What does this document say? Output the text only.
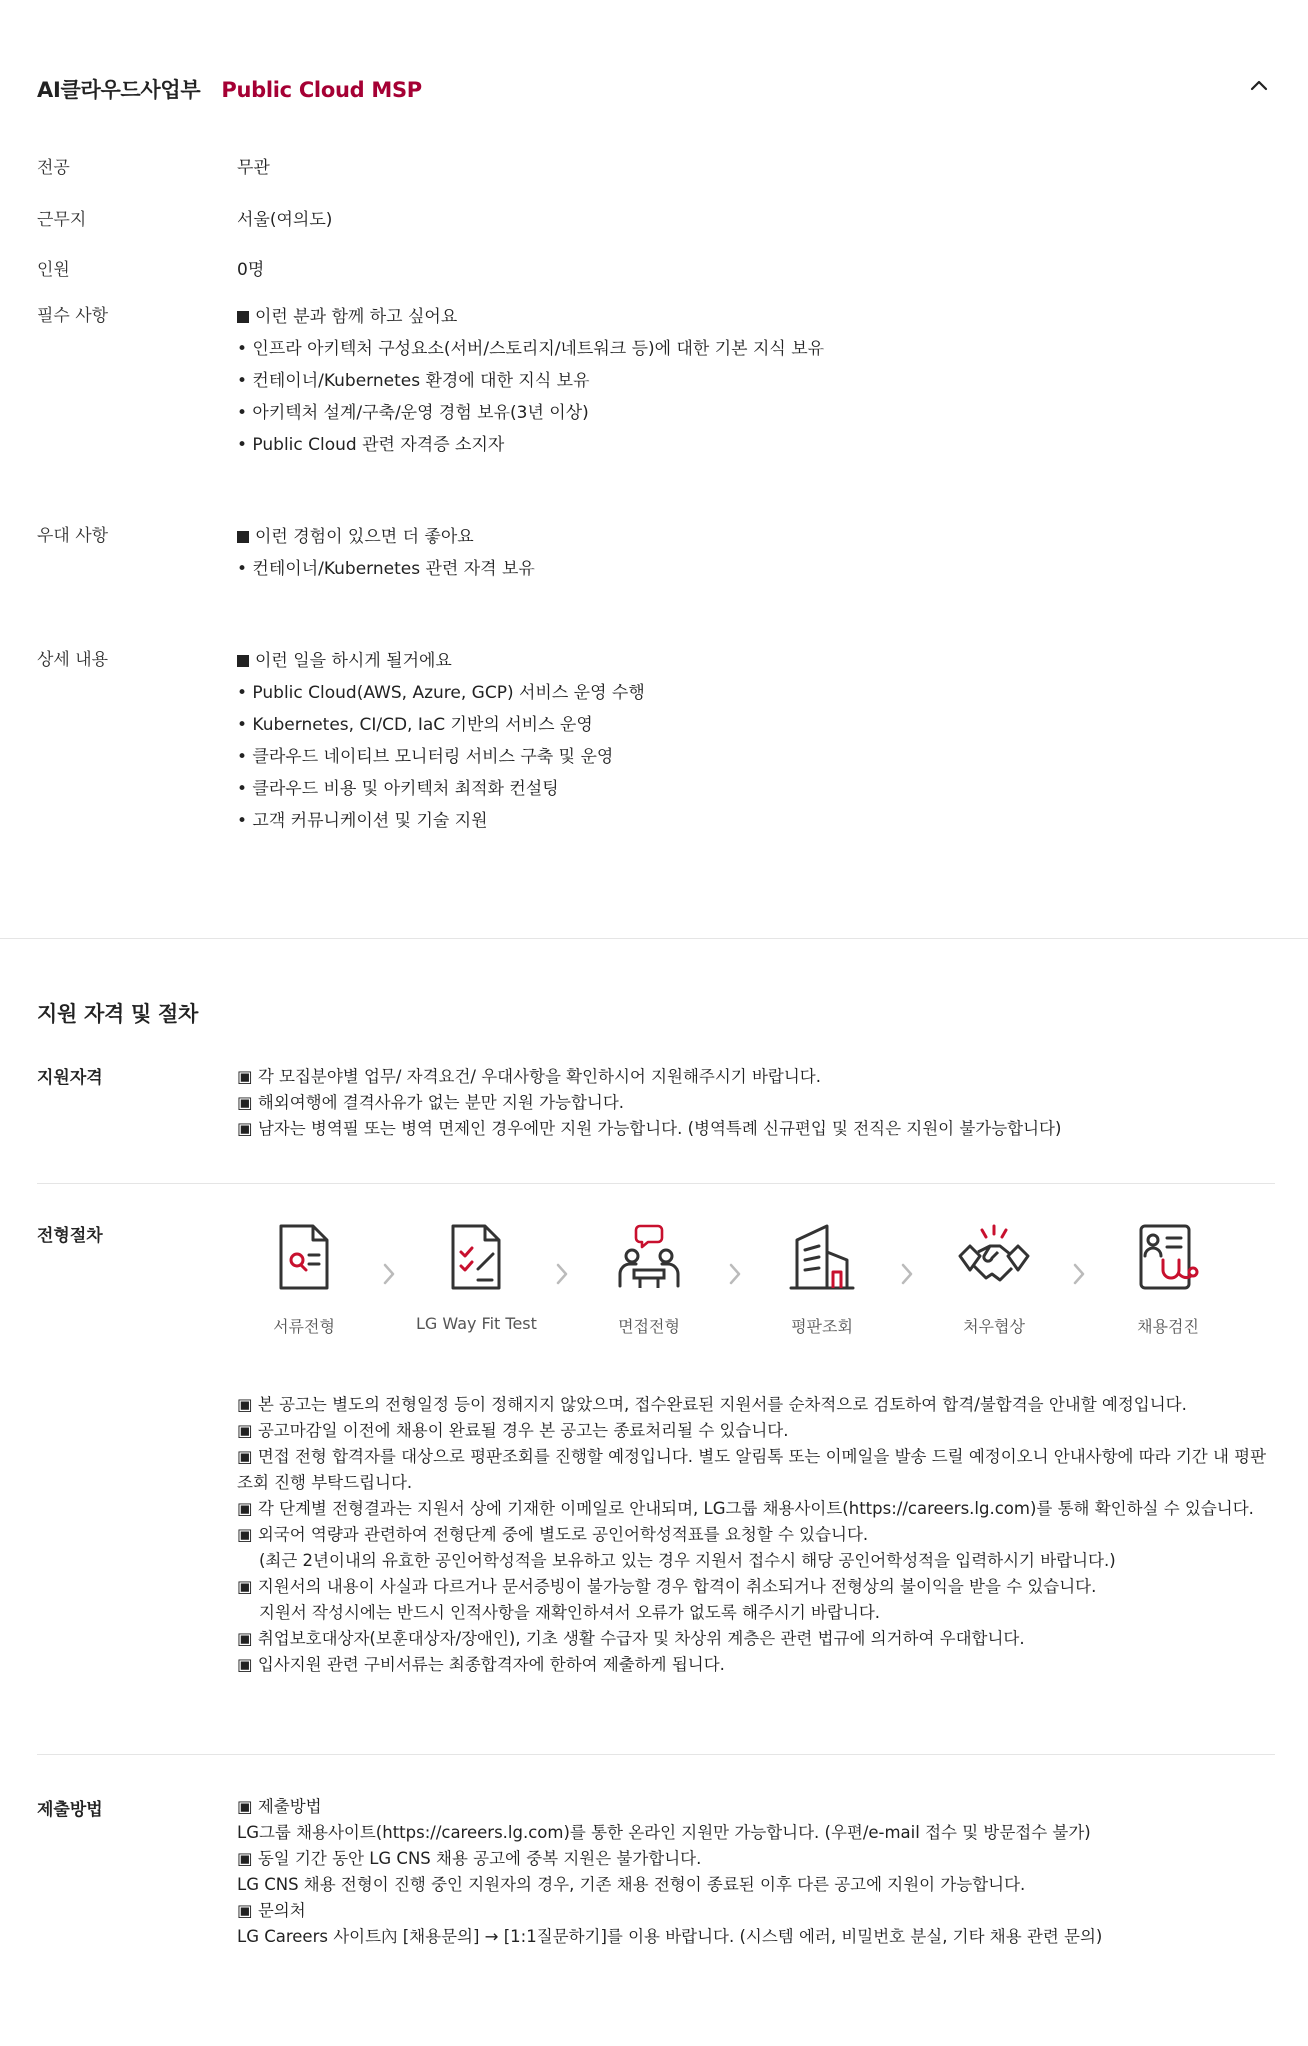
AI클라우드사업부 Public Cloud MSP
전공	무관
근무지	서울(여의도)
인원	0명
필수 사항	이런 분과 함께 하고 싶어요
• 인프라 아키텍처 구성요소(서버/스토리지/네트워크 등)에 대한 기본 지식 보유
• 컨테이너/Kubernetes 환경에 대한 지식 보유
• 아키텍처 설계/구축/운영 경험 보유(3년 이상)
• Public Cloud 관련 자격증 소지자
우대 사항	이런 경험이 있으면 더 좋아요
• 컨테이너/Kubernetes 관련 자격 보유
상세 내용	이런 일을 하시게 될거에요
• Public Cloud(AWS, Azure, GCP) 서비스 운영 수행
• Kubernetes, CI/CD, IaC 기반의 서비스 운영
• 클라우드 네이티브 모니터링 서비스 구축 및 운영
• 클라우드 비용 및 아키텍처 최적화 컨설팅
• 고객 커뮤니케이션 및 기술 지원
지원 자격 및 절차
지원자격	▣ 각 모집분야별 업무/ 자격요건/ 우대사항을 확인하시어 지원해주시기 바랍니다.
▣ 해외여행에 결격사유가 없는 분만 지원 가능합니다.
▣ 남자는 병역필 또는 병역 면제인 경우에만 지원 가능합니다. (병역특례 신규편입 및 전직은 지원이 불가능합니다)
전형절차
서류전형	LG Way Fit Test	면접전형	평판조회	처우협상	채용검진
▣ 본 공고는 별도의 전형일정 등이 정해지지 않았으며, 접수완료된 지원서를 순차적으로 검토하여 합격/불합격을 안내할 예정입니다.
▣ 공고마감일 이전에 채용이 완료될 경우 본 공고는 종료처리될 수 있습니다.
▣ 면접 전형 합격자를 대상으로 평판조회를 진행할 예정입니다. 별도 알림톡 또는 이메일을 발송 드릴 예정이오니 안내사항에 따라 기간 내 평판조회 진행 부탁드립니다.
▣ 각 단계별 전형결과는 지원서 상에 기재한 이메일로 안내되며, LG그룹 채용사이트(https://careers.lg.com)를 통해 확인하실 수 있습니다.
▣ 외국어 역량과 관련하여 전형단계 중에 별도로 공인어학성적표를 요청할 수 있습니다.
(최근 2년이내의 유효한 공인어학성적을 보유하고 있는 경우 지원서 접수시 해당 공인어학성적을 입력하시기 바랍니다.)
▣ 지원서의 내용이 사실과 다르거나 문서증빙이 불가능할 경우 합격이 취소되거나 전형상의 불이익을 받을 수 있습니다.
지원서 작성시에는 반드시 인적사항을 재확인하셔서 오류가 없도록 해주시기 바랍니다.
▣ 취업보호대상자(보훈대상자/장애인), 기초 생활 수급자 및 차상위 계층은 관련 법규에 의거하여 우대합니다.
▣ 입사지원 관련 구비서류는 최종합격자에 한하여 제출하게 됩니다.
제출방법	▣ 제출방법
LG그룹 채용사이트(https://careers.lg.com)를 통한 온라인 지원만 가능합니다. (우편/e-mail 접수 및 방문접수 불가)
▣ 동일 기간 동안 LG CNS 채용 공고에 중복 지원은 불가합니다.
LG CNS 채용 전형이 진행 중인 지원자의 경우, 기존 채용 전형이 종료된 이후 다른 공고에 지원이 가능합니다.
▣ 문의처
LG Careers 사이트內 [채용문의] → [1:1질문하기]를 이용 바랍니다. (시스템 에러, 비밀번호 분실, 기타 채용 관련 문의)
